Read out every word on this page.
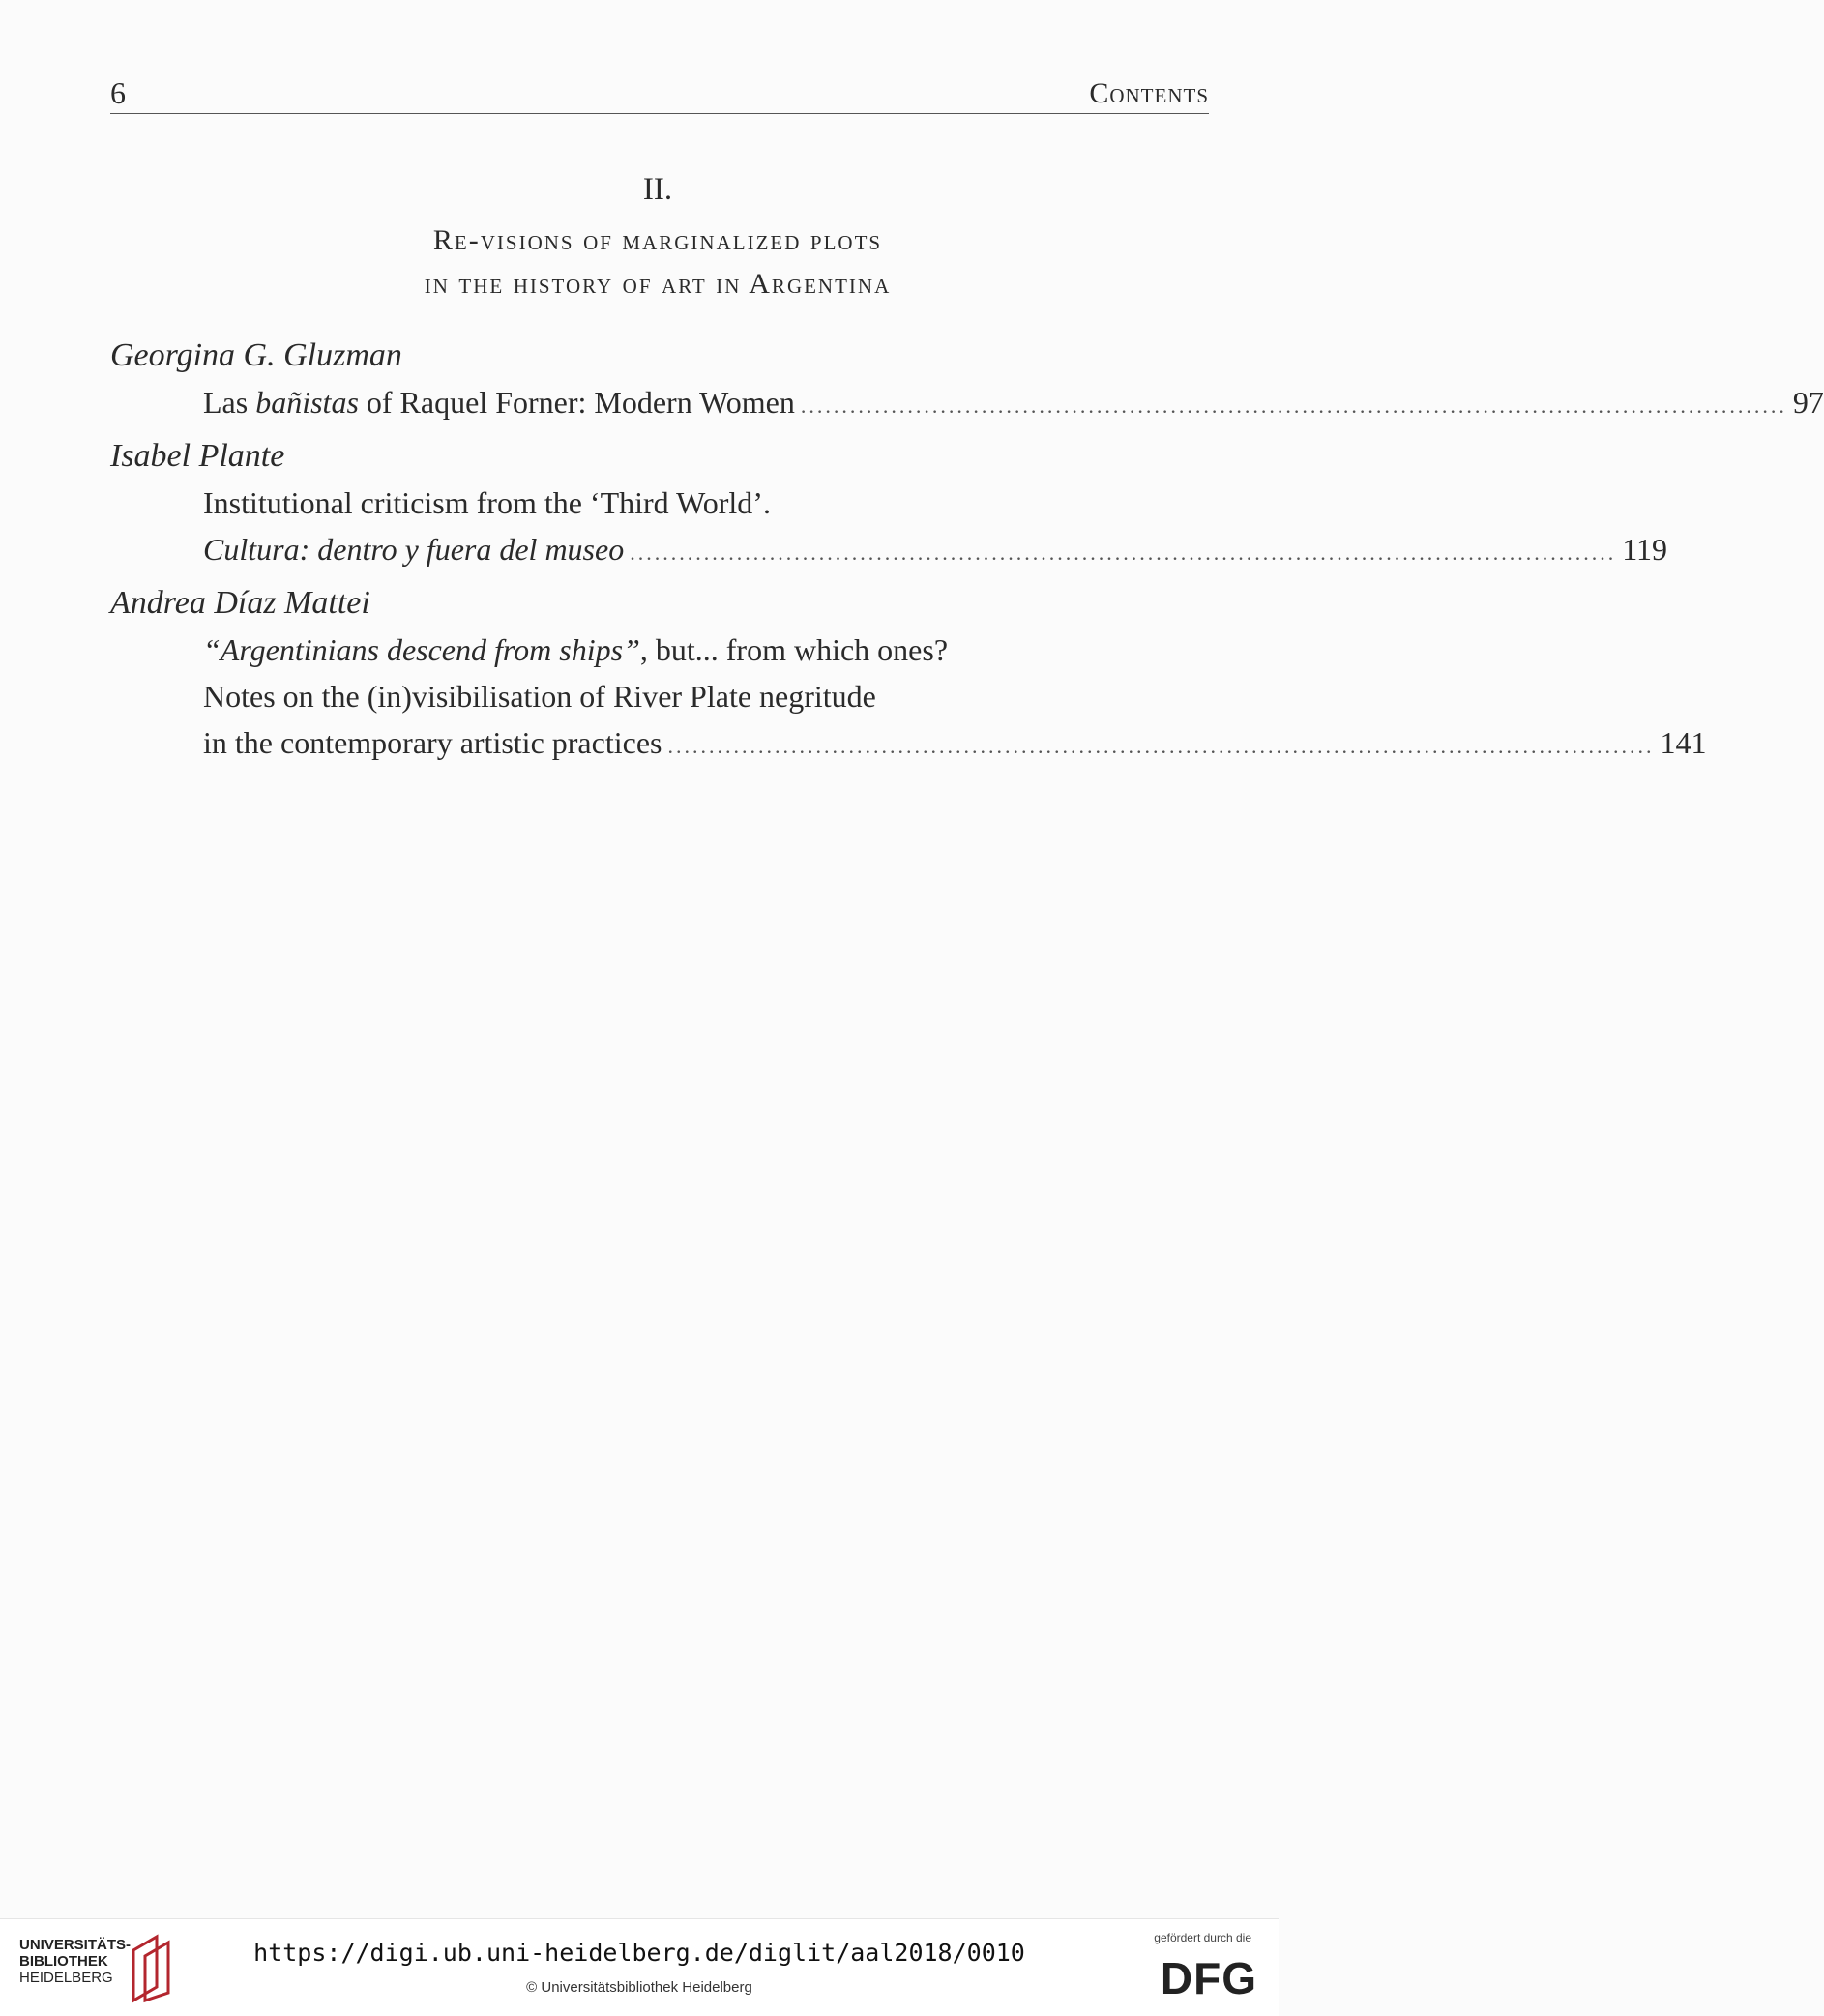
6	Contents
II.
Re-visions of marginalized plots
in the history of art in Argentina
Georgina G. Gluzman
Las bañistas of Raquel Forner: Modern Women ........................................................................................................................ 97
Isabel Plante
Institutional criticism from the ‘Third World’.
Cultura: dentro y fuera del museo ........................................................................................................................ 119
Andrea Díaz Mattei
“Argentinians descend from ships”, but... from which ones?
Notes on the (in)visibilisation of River Plate negritude
in the contemporary artistic practices ........................................................................................................................ 141
UNIVERSITÄTS-
BIBLIOTHEK
HEIDELBERG
https://digi.ub.uni-heidelberg.de/diglit/aal2018/0010
© Universitätsbibliothek Heidelberg
gefördert durch die
DFG
